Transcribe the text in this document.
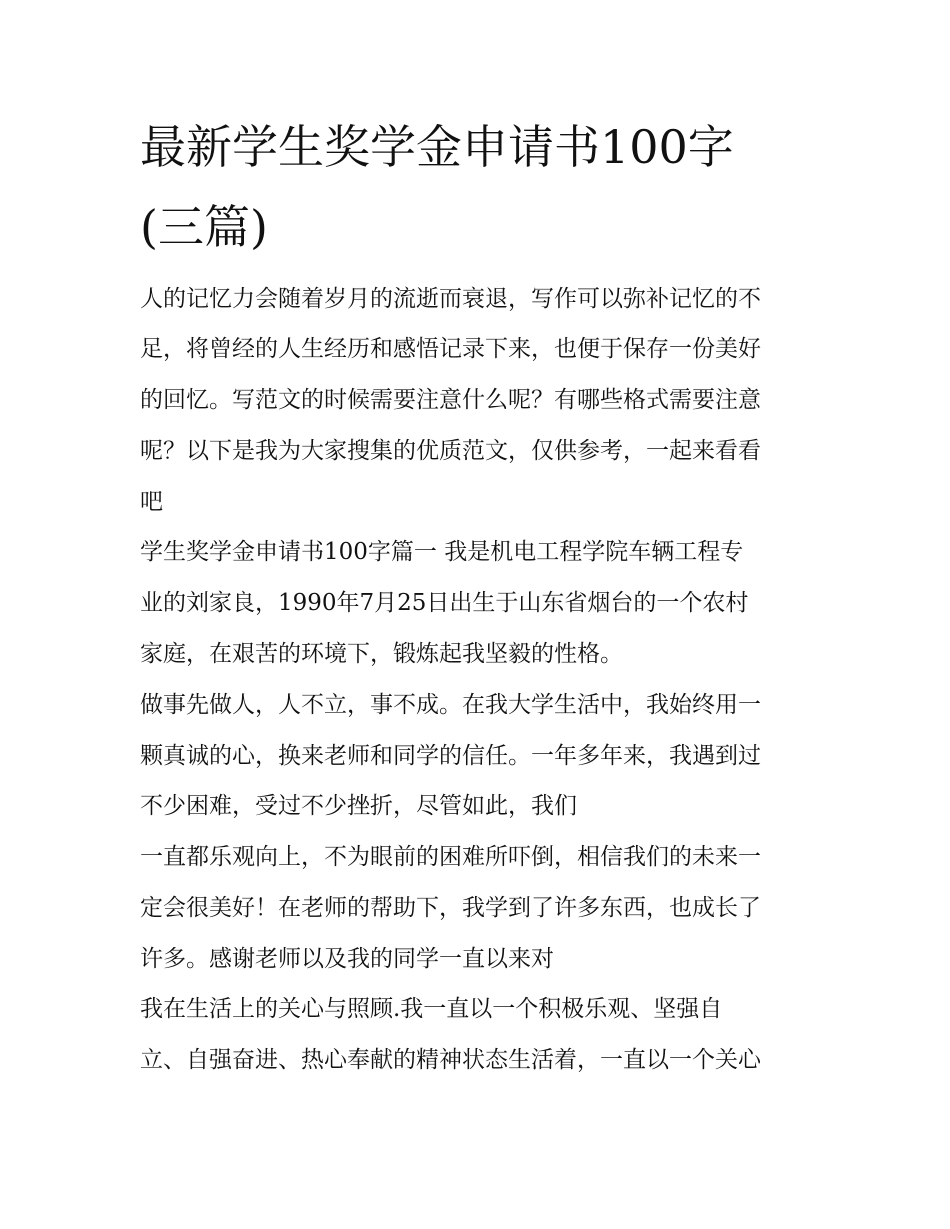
最新学生奖学金申请书100字
(三篇)
人的记忆力会随着岁月的流逝而衰退，写作可以弥补记忆的不
足，将曾经的人生经历和感悟记录下来，也便于保存一份美好
的回忆。写范文的时候需要注意什么呢？有哪些格式需要注意
呢？以下是我为大家搜集的优质范文，仅供参考，一起来看看
吧
学生奖学金申请书100字篇一 我是机电工程学院车辆工程专
业的刘家良，1990年7月25日出生于山东省烟台的一个农村
家庭，在艰苦的环境下，锻炼起我坚毅的性格。
做事先做人，人不立，事不成。在我大学生活中，我始终用一
颗真诚的心，换来老师和同学的信任。一年多年来，我遇到过
不少困难，受过不少挫折，尽管如此，我们
一直都乐观向上，不为眼前的困难所吓倒，相信我们的未来一
定会很美好！在老师的帮助下，我学到了许多东西，也成长了
许多。感谢老师以及我的同学一直以来对
我在生活上的关心与照顾.我一直以一个积极乐观、坚强自
立、自强奋进、热心奉献的精神状态生活着，一直以一个关心
